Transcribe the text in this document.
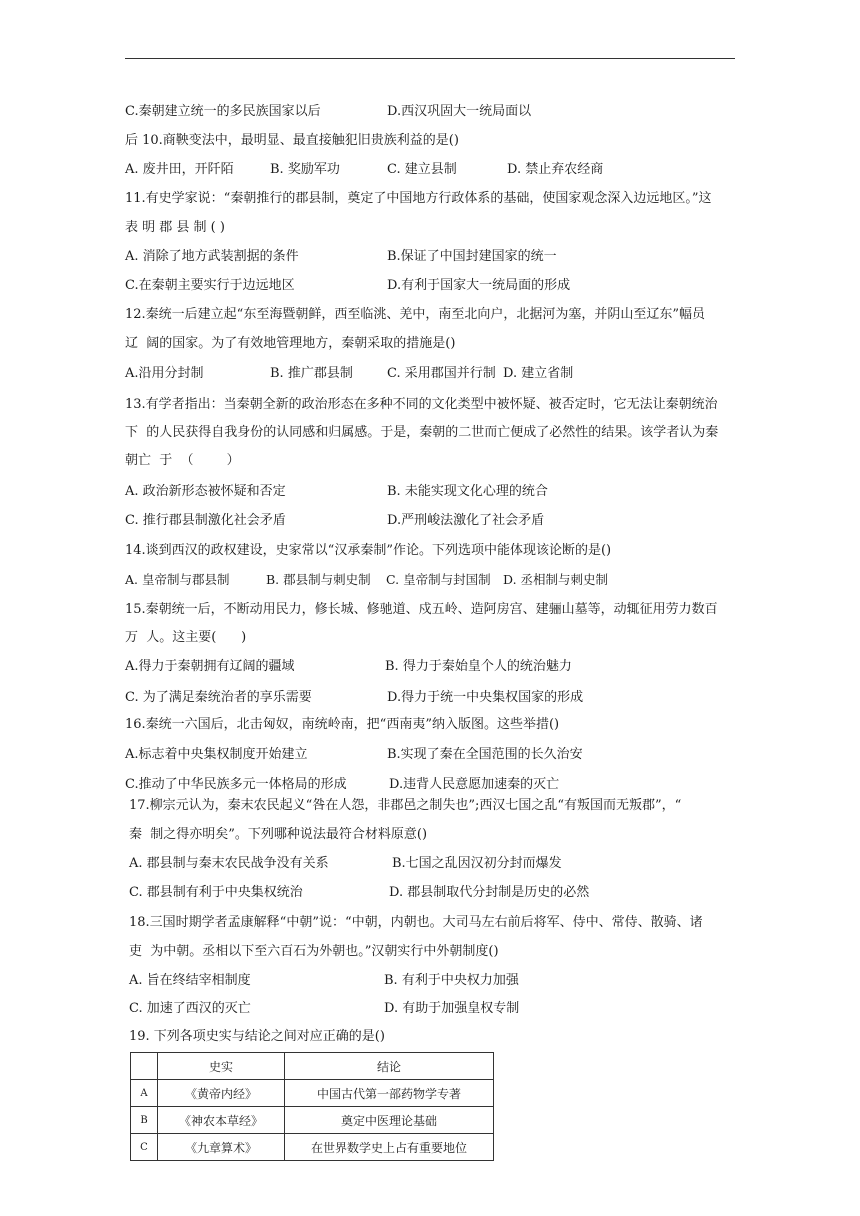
C.秦朝建立统一的多民族国家以后	D.西汉巩固大一统局面以
后 10.商鞅变法中，最明显、最直接触犯旧贵族利益的是()
A. 废井田，开阡陌	B. 奖励军功	C. 建立县制	D. 禁止弃农经商
11.有史学家说：“秦朝推行的郡县制，奠定了中国地方行政体系的基础，使国家观念深入边远地区。”这
表 明 郡 县 制 ( )
A. 消除了地方武装割据的条件	B.保证了中国封建国家的统一
C.在秦朝主要实行于边远地区	D.有利于国家大一统局面的形成
12.秦统一后建立起“东至海暨朝鲜，西至临洮、羌中，南至北向户，北据河为塞，并阴山至辽东”幅员
辽  阔的国家。为了有效地管理地方，秦朝采取的措施是()
A.沿用分封制	B. 推广郡县制	C. 采用郡国并行制 D. 建立省制
13.有学者指出：当秦朝全新的政治形态在多种不同的文化类型中被怀疑、被否定时，它无法让秦朝统治
下  的人民获得自我身份的认同感和归属感。于是，秦朝的二世而亡便成了必然性的结果。该学者认为秦
朝亡  于  （        ）
A. 政治新形态被怀疑和否定	B. 未能实现文化心理的统合
C. 推行郡县制激化社会矛盾	D.严刑峻法激化了社会矛盾
14.谈到西汉的政权建设，史家常以“汉承秦制”作论。下列选项中能体现该论断的是()
A. 皇帝制与郡县制	B. 郡县制与刺史制 C. 皇帝制与封国制 D. 丞相制与刺史制
15.秦朝统一后，不断动用民力，修长城、修驰道、戍五岭、造阿房宫、建骊山墓等，动辄征用劳力数百
万  人。这主要(      )
A.得力于秦朝拥有辽阔的疆域	B. 得力于秦始皇个人的统治魅力
C. 为了满足秦统治者的享乐需要	D.得力于统一中央集权国家的形成
16.秦统一六国后，北击匈奴，南统岭南，把“西南夷”纳入版图。这些举措()
A.标志着中央集权制度开始建立	B.实现了秦在全国范围的长久治安
C.推动了中华民族多元一体格局的形成	D.违背人民意愿加速秦的灭亡
17.柳宗元认为，秦末农民起义“咎在人怨，非郡邑之制失也”;西汉七国之乱“有叛国而无叛郡”，“
秦  制之得亦明矣”。下列哪种说法最符合材料原意()
A. 郡县制与秦末农民战争没有关系	B.七国之乱因汉初分封而爆发
C. 郡县制有利于中央集权统治	D. 郡县制取代分封制是历史的必然
18.三国时期学者孟康解释“中朝”说：“中朝，内朝也。大司马左右前后将军、侍中、常侍、散骑、诸
吏  为中朝。丞相以下至六百石为外朝也。”汉朝实行中外朝制度()
A. 旨在终结宰相制度	B. 有利于中央权力加强
C. 加速了西汉的灭亡	D. 有助于加强皇权专制
19. 下列各项史实与结论之间对应正确的是()
	史实	结论
A	《黄帝内经》	中国古代第一部药物学专著
B	《神农本草经》	奠定中医理论基础
C	《九章算术》	在世界数学史上占有重要地位
